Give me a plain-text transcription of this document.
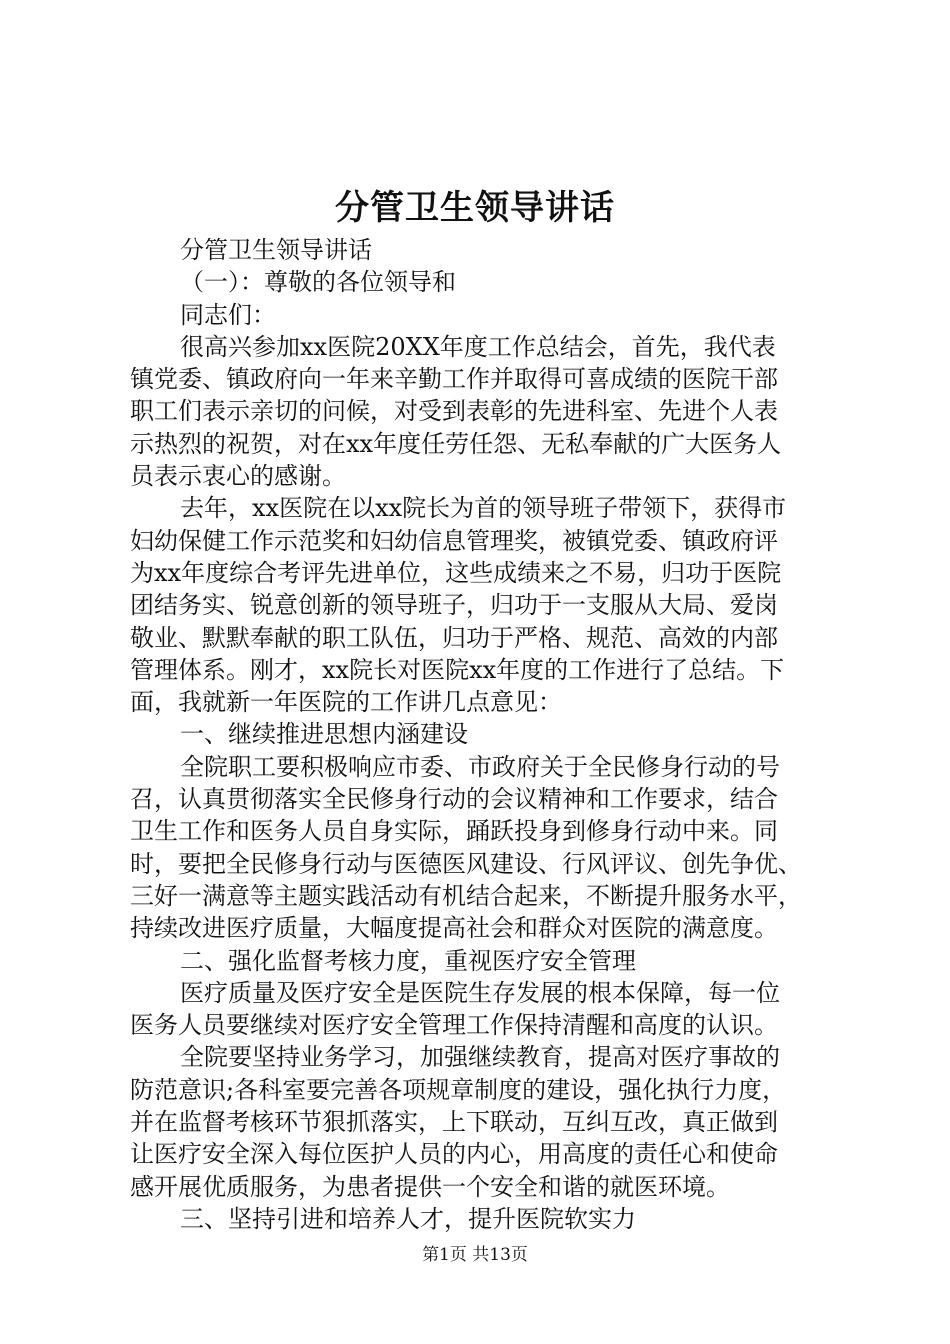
分管卫生领导讲话
分管卫生领导讲话
（一）：尊敬的各位领导和
同志们：
很高兴参加xx医院20XX年度工作总结会，首先，我代表
镇党委、镇政府向一年来辛勤工作并取得可喜成绩的医院干部
职工们表示亲切的问候，对受到表彰的先进科室、先进个人表
示热烈的祝贺，对在xx年度任劳任怨、无私奉献的广大医务人
员表示衷心的感谢。
去年，xx医院在以xx院长为首的领导班子带领下，获得市
妇幼保健工作示范奖和妇幼信息管理奖，被镇党委、镇政府评
为xx年度综合考评先进单位，这些成绩来之不易，归功于医院
团结务实、锐意创新的领导班子，归功于一支服从大局、爱岗
敬业、默默奉献的职工队伍，归功于严格、规范、高效的内部
管理体系。刚才，xx院长对医院xx年度的工作进行了总结。下
面，我就新一年医院的工作讲几点意见：
一、继续推进思想内涵建设
全院职工要积极响应市委、市政府关于全民修身行动的号
召，认真贯彻落实全民修身行动的会议精神和工作要求，结合
卫生工作和医务人员自身实际，踊跃投身到修身行动中来。同
时，要把全民修身行动与医德医风建设、行风评议、创先争优、
三好一满意等主题实践活动有机结合起来，不断提升服务水平，
持续改进医疗质量，大幅度提高社会和群众对医院的满意度。
二、强化监督考核力度，重视医疗安全管理
医疗质量及医疗安全是医院生存发展的根本保障，每一位
医务人员要继续对医疗安全管理工作保持清醒和高度的认识。
全院要坚持业务学习，加强继续教育，提高对医疗事故的
防范意识;各科室要完善各项规章制度的建设，强化执行力度，
并在监督考核环节狠抓落实，上下联动，互纠互改，真正做到
让医疗安全深入每位医护人员的内心，用高度的责任心和使命
感开展优质服务，为患者提供一个安全和谐的就医环境。
三、坚持引进和培养人才，提升医院软实力
第1页 共13页
